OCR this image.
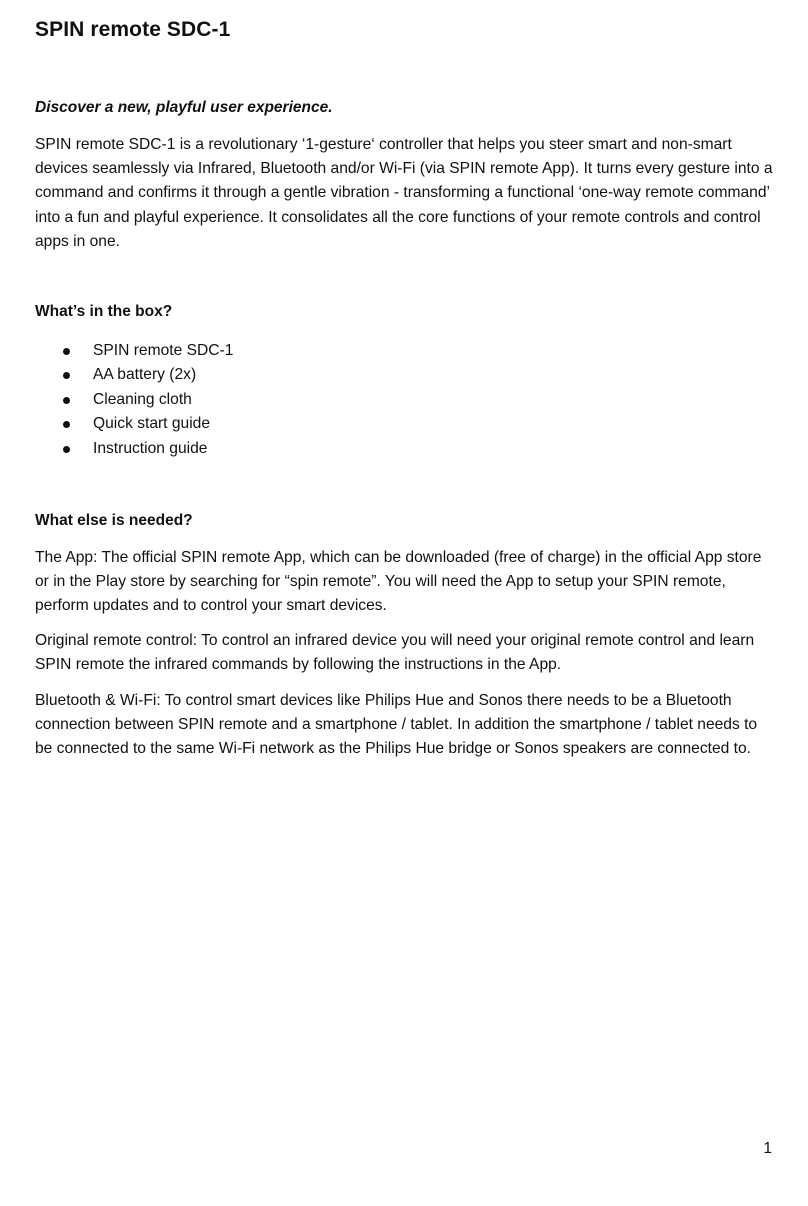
SPIN remote SDC-1

Discover a new, playful user experience.

SPIN remote SDC-1 is a revolutionary ‘1-gesture‘ controller that helps you steer smart and non-smart devices seamlessly via Infrared, Bluetooth and/or Wi-Fi (via SPIN remote App). It turns every gesture into a command and confirms it through a gentle vibration - transforming a functional ‘one-way remote command’ into a fun and playful experience. It consolidates all the core functions of your remote controls and control apps in one.

What’s in the box?
SPIN remote SDC-1
AA battery (2x)
Cleaning cloth
Quick start guide
Instruction guide
What else is needed?

The App: The official SPIN remote App, which can be downloaded (free of charge) in the official App store or in the Play store by searching for “spin remote”. You will need the App to setup your SPIN remote, perform updates and to control your smart devices.

Original remote control: To control an infrared device you will need your original remote control and learn SPIN remote the infrared commands by following the instructions in the App.

Bluetooth & Wi-Fi: To control smart devices like Philips Hue and Sonos there needs to be a Bluetooth connection between SPIN remote and a smartphone / tablet. In addition the smartphone / tablet needs to be connected to the same Wi-Fi network as the Philips Hue bridge or Sonos speakers are connected to.

1
